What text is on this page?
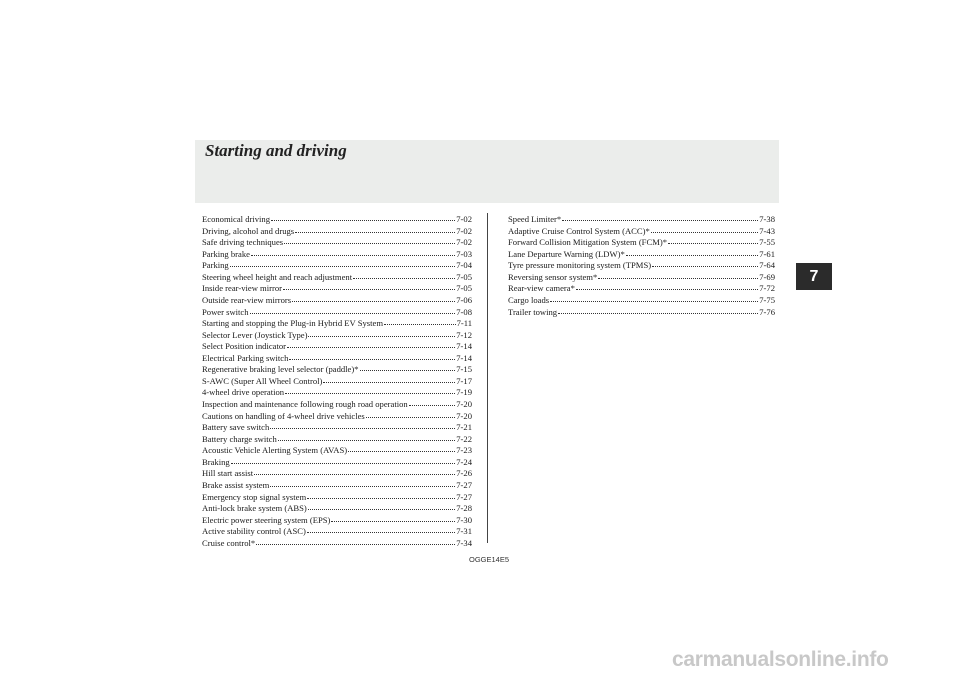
Starting and driving
7
Economical driving	7-02
Driving, alcohol and drugs	7-02
Safe driving techniques	7-02
Parking brake	7-03
Parking	7-04
Steering wheel height and reach adjustment	7-05
Inside rear-view mirror	7-05
Outside rear-view mirrors	7-06
Power switch	7-08
Starting and stopping the Plug-in Hybrid EV System	7-11
Selector Lever (Joystick Type)	7-12
Select Position indicator	7-14
Electrical Parking switch	7-14
Regenerative braking level selector (paddle)*	7-15
S-AWC (Super All Wheel Control)	7-17
4-wheel drive operation	7-19
Inspection and maintenance following rough road operation	7-20
Cautions on handling of 4-wheel drive vehicles	7-20
Battery save switch	7-21
Battery charge switch	7-22
Acoustic Vehicle Alerting System (AVAS)	7-23
Braking	7-24
Hill start assist	7-26
Brake assist system	7-27
Emergency stop signal system	7-27
Anti-lock brake system (ABS)	7-28
Electric power steering system (EPS)	7-30
Active stability control (ASC)	7-31
Cruise control*	7-34
Speed Limiter*	7-38
Adaptive Cruise Control System (ACC)*	7-43
Forward Collision Mitigation System (FCM)*	7-55
Lane Departure Warning (LDW)*	7-61
Tyre pressure monitoring system (TPMS)	7-64
Reversing sensor system*	7-69
Rear-view camera*	7-72
Cargo loads	7-75
Trailer towing	7-76
OGGE14E5
carmanualsonline.info
